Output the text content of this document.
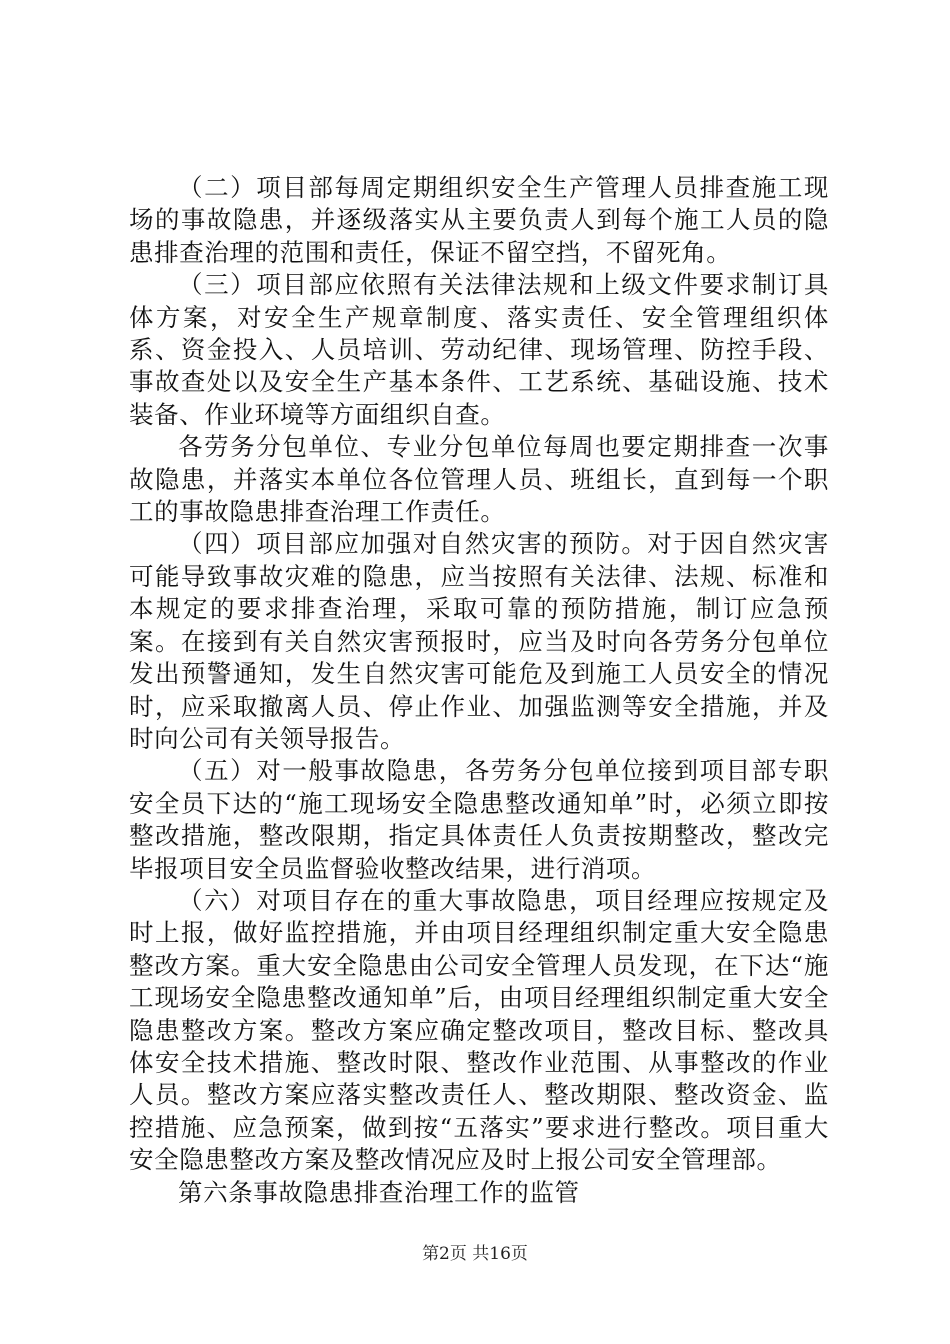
（二）项目部每周定期组织安全生产管理人员排查施工现场的事故隐患，并逐级落实从主要负责人到每个施工人员的隐患排查治理的范围和责任，保证不留空挡，不留死角。

（三）项目部应依照有关法律法规和上级文件要求制订具体方案，对安全生产规章制度、落实责任、安全管理组织体系、资金投入、人员培训、劳动纪律、现场管理、防控手段、事故查处以及安全生产基本条件、工艺系统、基础设施、技术装备、作业环境等方面组织自查。

各劳务分包单位、专业分包单位每周也要定期排查一次事故隐患，并落实本单位各位管理人员、班组长，直到每一个职工的事故隐患排查治理工作责任。

（四）项目部应加强对自然灾害的预防。对于因自然灾害可能导致事故灾难的隐患，应当按照有关法律、法规、标准和本规定的要求排查治理，采取可靠的预防措施，制订应急预案。在接到有关自然灾害预报时，应当及时向各劳务分包单位发出预警通知，发生自然灾害可能危及到施工人员安全的情况时，应采取撤离人员、停止作业、加强监测等安全措施，并及时向公司有关领导报告。

（五）对一般事故隐患，各劳务分包单位接到项目部专职安全员下达的“施工现场安全隐患整改通知单”时，必须立即按整改措施，整改限期，指定具体责任人负责按期整改，整改完毕报项目安全员监督验收整改结果，进行消项。

（六）对项目存在的重大事故隐患，项目经理应按规定及时上报，做好监控措施，并由项目经理组织制定重大安全隐患整改方案。重大安全隐患由公司安全管理人员发现，在下达“施工现场安全隐患整改通知单”后，由项目经理组织制定重大安全隐患整改方案。整改方案应确定整改项目，整改目标、整改具体安全技术措施、整改时限、整改作业范围、从事整改的作业人员。整改方案应落实整改责任人、整改期限、整改资金、监控措施、应急预案，做到按“五落实”要求进行整改。项目重大安全隐患整改方案及整改情况应及时上报公司安全管理部。

第六条事故隐患排查治理工作的监管

第2页 共16页
